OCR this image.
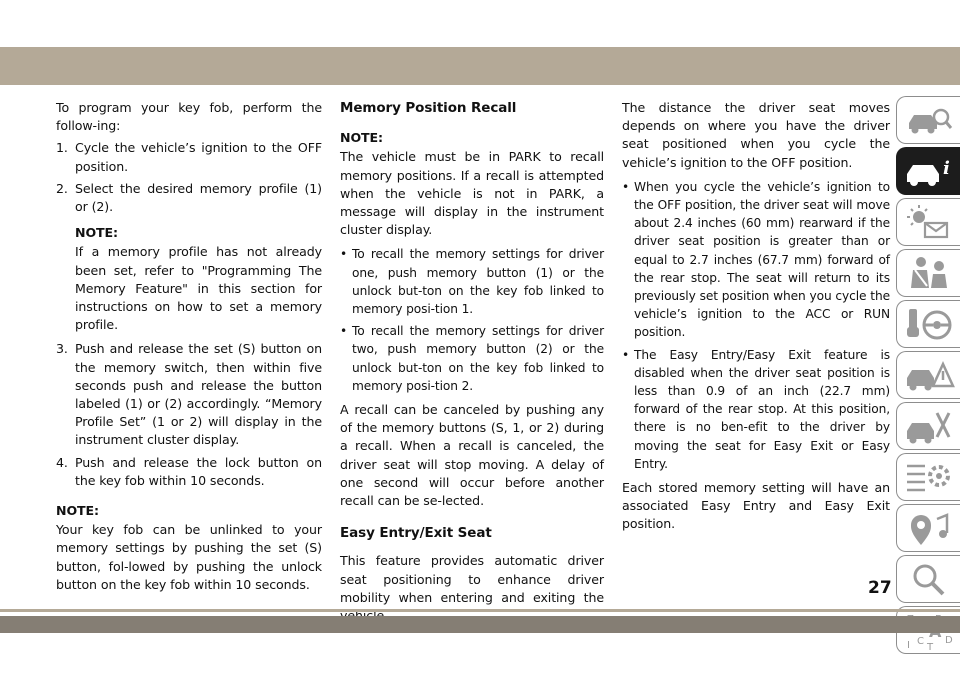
To program your key fob, perform the follow-ing:

1. Cycle the vehicle’s ignition to the OFF position.
2. Select the desired memory profile (1) or (2).
NOTE:
If a memory profile has not already been set, refer to "Programming The Memory Feature" in this section for instructions on how to set a memory profile.
3. Push and release the set (S) button on the memory switch, then within five seconds push and release the button labeled (1) or (2) accordingly. “Memory Profile Set” (1 or 2) will display in the instrument cluster display.
4. Push and release the lock button on the key fob within 10 seconds.
NOTE:

Your key fob can be unlinked to your memory settings by pushing the set (S) button, fol-lowed by pushing the unlock button on the key fob within 10 seconds.

Memory Position Recall
NOTE:

The vehicle must be in PARK to recall memory positions. If a recall is attempted when the vehicle is not in PARK, a message will display in the instrument cluster display.

• To recall the memory settings for driver one, push memory button (1) or the unlock but-ton on the key fob linked to memory posi-tion 1.
• To recall the memory settings for driver two, push memory button (2) or the unlock but-ton on the key fob linked to memory posi-tion 2.

A recall can be canceled by pushing any of the memory buttons (S, 1, or 2) during a recall. When a recall is canceled, the driver seat will stop moving. A delay of one second will occur before another recall can be se-lected.

Easy Entry/Exit Seat

This feature provides automatic driver seat positioning to enhance driver mobility when entering and exiting the

The distance the driver seat moves depends on where you have the driver seat positioned when you cycle the vehicle’s ignition to the OFF position.

• When you cycle the vehicle’s ignition to the OFF position, the driver seat will move about 2.4 inches (60 mm) rearward if the driver seat position is greater than or equal to 2.7 inches (67.7 mm) forward of the rear stop. The seat will return to its previously set position when you cycle the vehicle’s ignition to the ACC or RUN position.
• The Easy Entry/Easy Exit feature is disabled when the driver seat position is less than 0.9 of an inch (22.7 mm) forward of the rear stop. At this position, there is no ben-efit to the driver by moving the seat for Easy Exit or Easy Entry.

Each stored memory setting will have an associated Easy Entry and Easy Exit position.

i
C D
I T
27
